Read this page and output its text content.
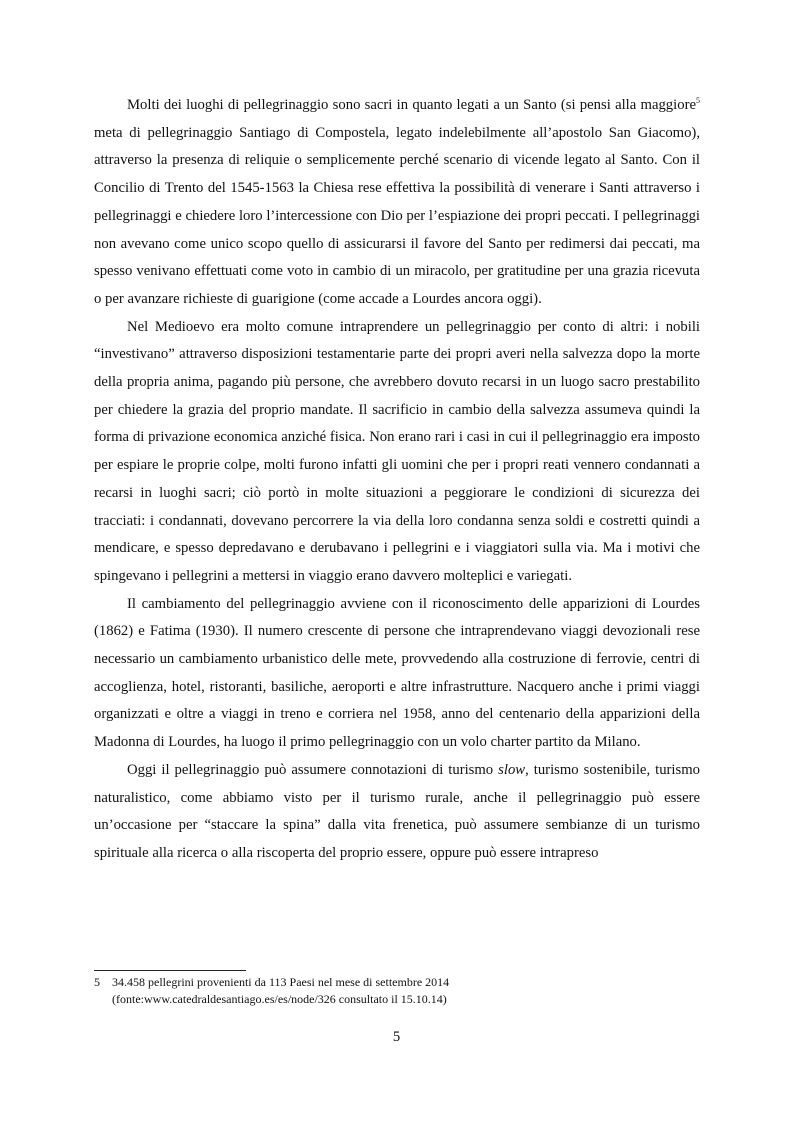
Molti dei luoghi di pellegrinaggio sono sacri in quanto legati a un Santo (si pensi alla maggiore$^5$ meta di pellegrinaggio Santiago di Compostela, legato indelebilmente all’apostolo San Giacomo), attraverso la presenza di reliquie o semplicemente perché scenario di vicende legato al Santo. Con il Concilio di Trento del 1545-1563 la Chiesa rese effettiva la possibilità di venerare i Santi attraverso i pellegrinaggi e chiedere loro l’intercessione con Dio per l’espiazione dei propri peccati. I pellegrinaggi non avevano come unico scopo quello di assicurarsi il favore del Santo per redimersi dai peccati, ma spesso venivano effettuati come voto in cambio di un miracolo, per gratitudine per una grazia ricevuta o per avanzare richieste di guarigione (come accade a Lourdes ancora oggi).

Nel Medioevo era molto comune intraprendere un pellegrinaggio per conto di altri: i nobili “investivano” attraverso disposizioni testamentarie parte dei propri averi nella salvezza dopo la morte della propria anima, pagando più persone, che avrebbero dovuto recarsi in un luogo sacro prestabilito per chiedere la grazia del proprio mandate. Il sacrificio in cambio della salvezza assumeva quindi la forma di privazione economica anziché fisica. Non erano rari i casi in cui il pellegrinaggio era imposto per espiare le proprie colpe, molti furono infatti gli uomini che per i propri reati vennero condannati a recarsi in luoghi sacri; ciò portò in molte situazioni a peggiorare le condizioni di sicurezza dei tracciati: i condannati, dovevano percorrere la via della loro condanna senza soldi e costretti quindi a mendicare, e spesso depredavano e derubavano i pellegrini e i viaggiatori sulla via. Ma i motivi che spingevano i pellegrini a mettersi in viaggio erano davvero molteplici e variegati.

Il cambiamento del pellegrinaggio avviene con il riconoscimento delle apparizioni di Lourdes (1862) e Fatima (1930). Il numero crescente di persone che intraprendevano viaggi devozionali rese necessario un cambiamento urbanistico delle mete, provvedendo alla costruzione di ferrovie, centri di accoglienza, hotel, ristoranti, basiliche, aeroporti e altre infrastrutture. Nacquero anche i primi viaggi organizzati e oltre a viaggi in treno e corriera nel 1958, anno del centenario della apparizioni della Madonna di Lourdes, ha luogo il primo pellegrinaggio con un volo charter partito da Milano.

Oggi il pellegrinaggio può assumere connotazioni di turismo slow, turismo sostenibile, turismo naturalistico, come abbiamo visto per il turismo rurale, anche il pellegrinaggio può essere un’occasione per “staccare la spina” dalla vita frenetica, può assumere sembianze di un turismo spirituale alla ricerca o alla riscoperta del proprio essere, oppure può essere intrapreso

5 34.458 pellegrini provenienti da 113 Paesi nel mese di settembre 2014
(fonte:www.catedraldesantiago.es/es/node/326 consultato il 15.10.14)
5
